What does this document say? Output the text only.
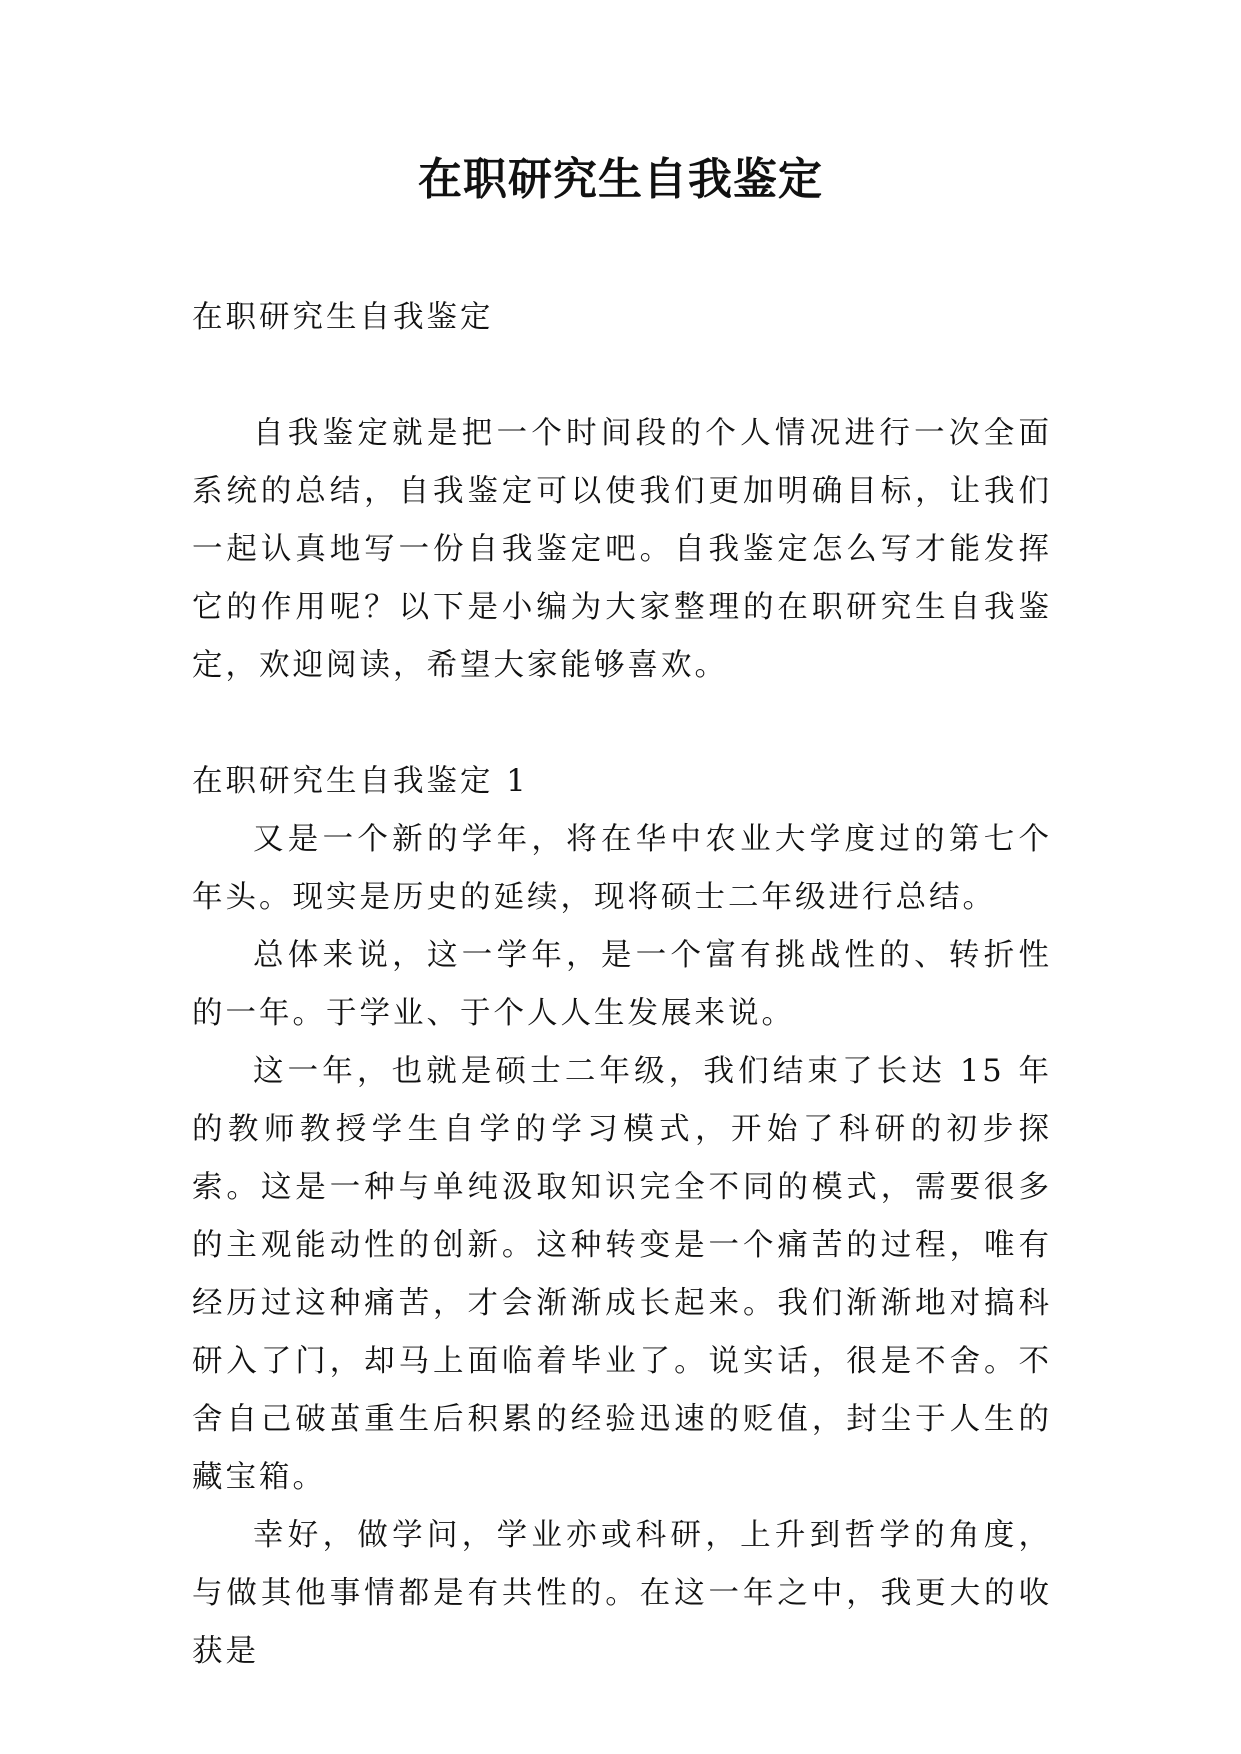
在职研究生自我鉴定

在职研究生自我鉴定

自我鉴定就是把一个时间段的个人情况进行一次全面系统的总结，自我鉴定可以使我们更加明确目标，让我们一起认真地写一份自我鉴定吧。自我鉴定怎么写才能发挥它的作用呢？以下是小编为大家整理的在职研究生自我鉴定，欢迎阅读，希望大家能够喜欢。

在职研究生自我鉴定 1

又是一个新的学年，将在华中农业大学度过的第七个年头。现实是历史的延续，现将硕士二年级进行总结。

总体来说，这一学年，是一个富有挑战性的、转折性的一年。于学业、于个人人生发展来说。

这一年，也就是硕士二年级，我们结束了长达 15 年的教师教授学生自学的学习模式，开始了科研的初步探索。这是一种与单纯汲取知识完全不同的模式，需要很多的主观能动性的创新。这种转变是一个痛苦的过程，唯有经历过这种痛苦，才会渐渐成长起来。我们渐渐地对搞科研入了门，却马上面临着毕业了。说实话，很是不舍。不舍自己破茧重生后积累的经验迅速的贬值，封尘于人生的藏宝箱。

幸好，做学问，学业亦或科研，上升到哲学的角度，与做其他事情都是有共性的。在这一年之中，我更大的收获是
